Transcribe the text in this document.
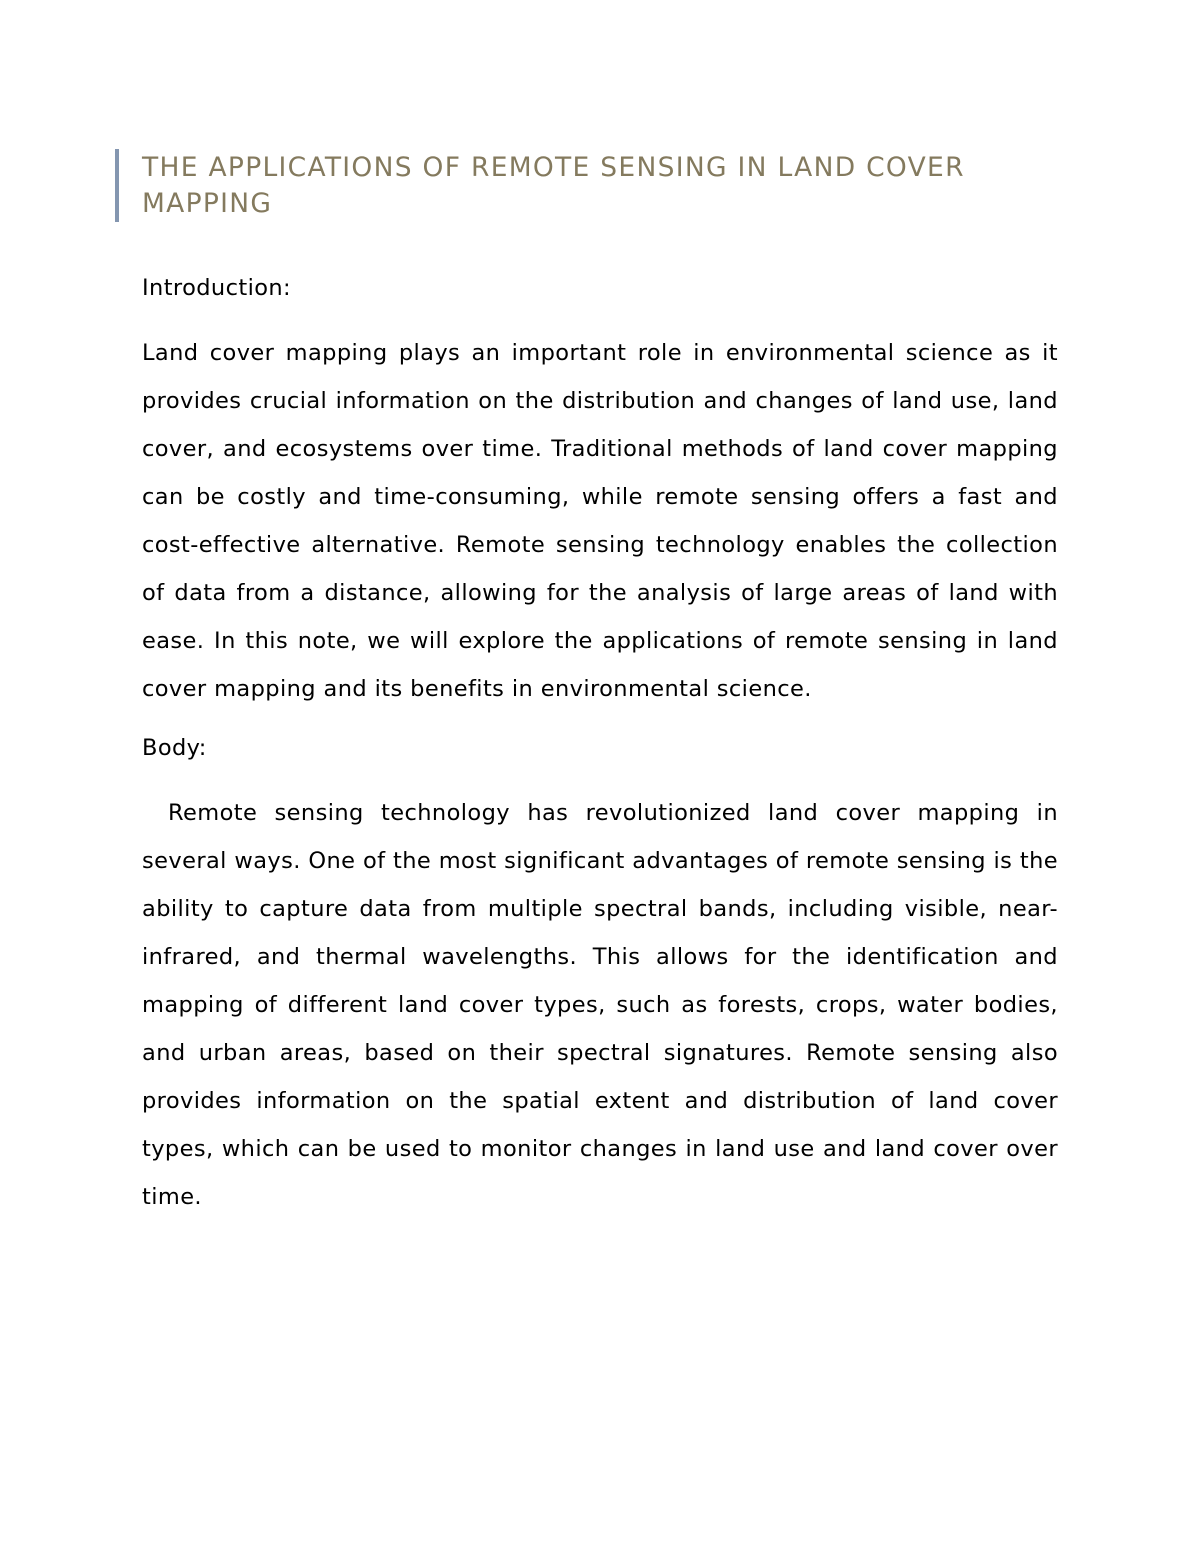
THE APPLICATIONS OF REMOTE SENSING IN LAND COVER MAPPING

Introduction:

Land cover mapping plays an important role in environmental science as it provides crucial information on the distribution and changes of land use, land cover, and ecosystems over time. Traditional methods of land cover mapping can be costly and time-consuming, while remote sensing offers a fast and cost-effective alternative. Remote sensing technology enables the collection of data from a distance, allowing for the analysis of large areas of land with ease. In this note, we will explore the applications of remote sensing in land cover mapping and its benefits in environmental science.

Body:

Remote sensing technology has revolutionized land cover mapping in several ways. One of the most significant advantages of remote sensing is the ability to capture data from multiple spectral bands, including visible, near-infrared, and thermal wavelengths. This allows for the identification and mapping of different land cover types, such as forests, crops, water bodies, and urban areas, based on their spectral signatures. Remote sensing also provides information on the spatial extent and distribution of land cover types, which can be used to monitor changes in land use and land cover over time.
